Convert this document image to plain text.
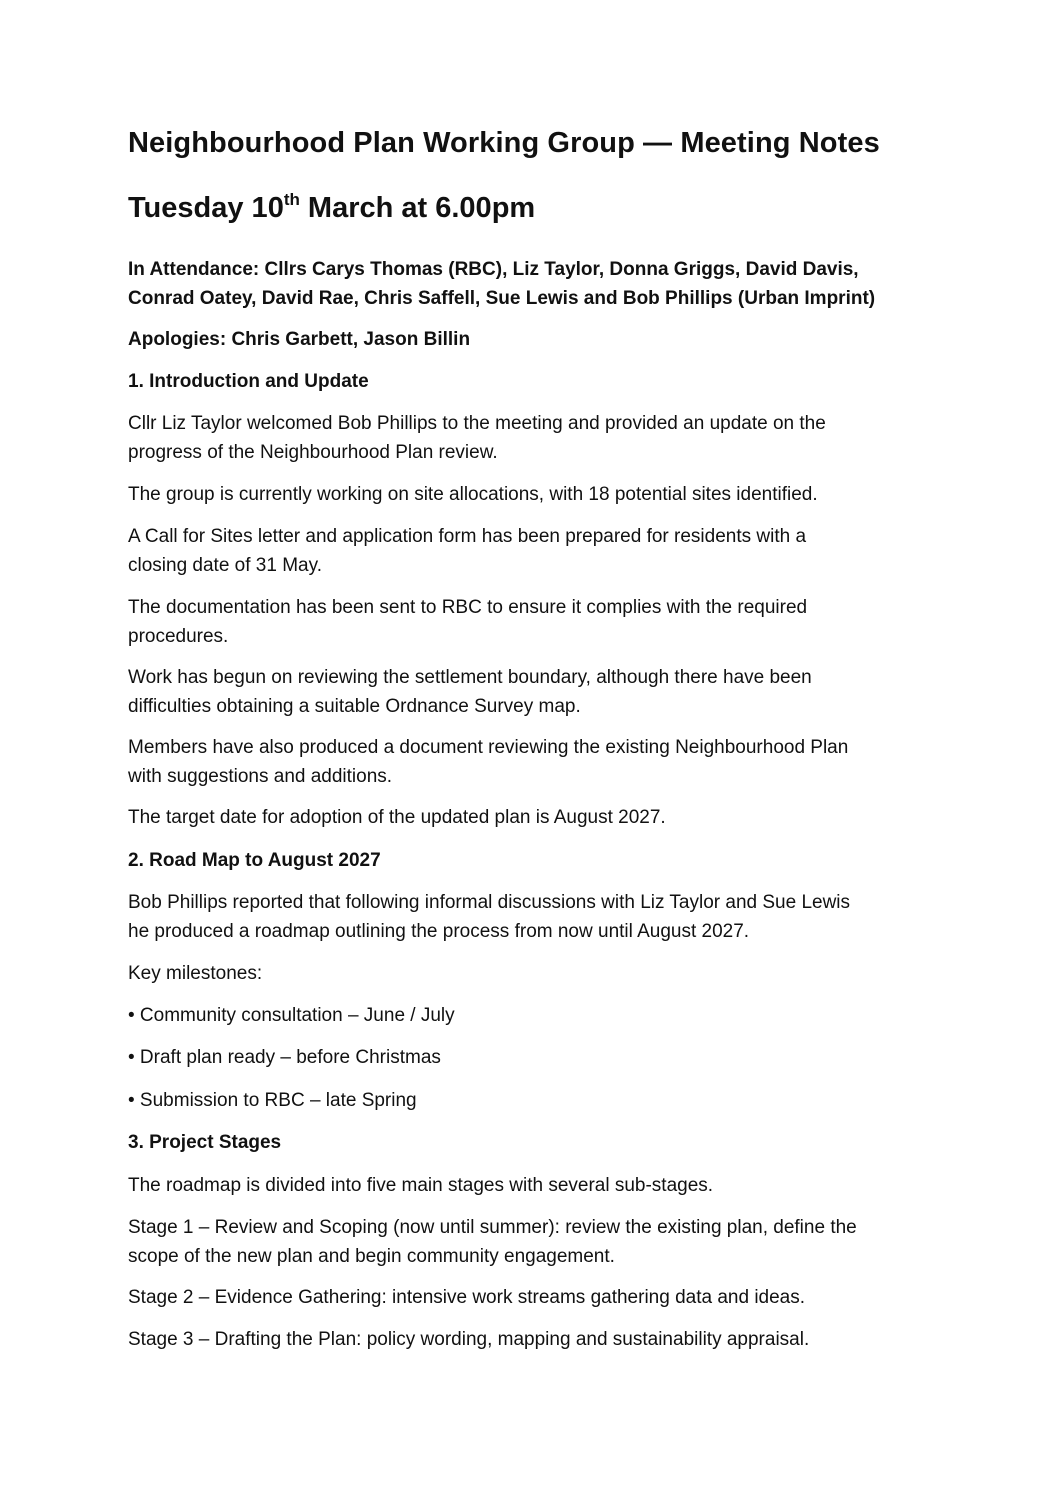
Neighbourhood Plan Working Group — Meeting Notes
Tuesday 10th March at 6.00pm

In Attendance: Cllrs Carys Thomas (RBC), Liz Taylor, Donna Griggs, David Davis,
Conrad Oatey, David Rae, Chris Saffell, Sue Lewis and Bob Phillips (Urban Imprint)

Apologies: Chris Garbett, Jason Billin

1. Introduction and Update

Cllr Liz Taylor welcomed Bob Phillips to the meeting and provided an update on the
progress of the Neighbourhood Plan review.

The group is currently working on site allocations, with 18 potential sites identified.

A Call for Sites letter and application form has been prepared for residents with a
closing date of 31 May.

The documentation has been sent to RBC to ensure it complies with the required
procedures.

Work has begun on reviewing the settlement boundary, although there have been
difficulties obtaining a suitable Ordnance Survey map.

Members have also produced a document reviewing the existing Neighbourhood Plan
with suggestions and additions.

The target date for adoption of the updated plan is August 2027.

2. Road Map to August 2027

Bob Phillips reported that following informal discussions with Liz Taylor and Sue Lewis
he produced a roadmap outlining the process from now until August 2027.

Key milestones:

• Community consultation – June / July

• Draft plan ready – before Christmas

• Submission to RBC – late Spring

3. Project Stages

The roadmap is divided into five main stages with several sub-stages.

Stage 1 – Review and Scoping (now until summer): review the existing plan, define the
scope of the new plan and begin community engagement.

Stage 2 – Evidence Gathering: intensive work streams gathering data and ideas.

Stage 3 – Drafting the Plan: policy wording, mapping and sustainability appraisal.
